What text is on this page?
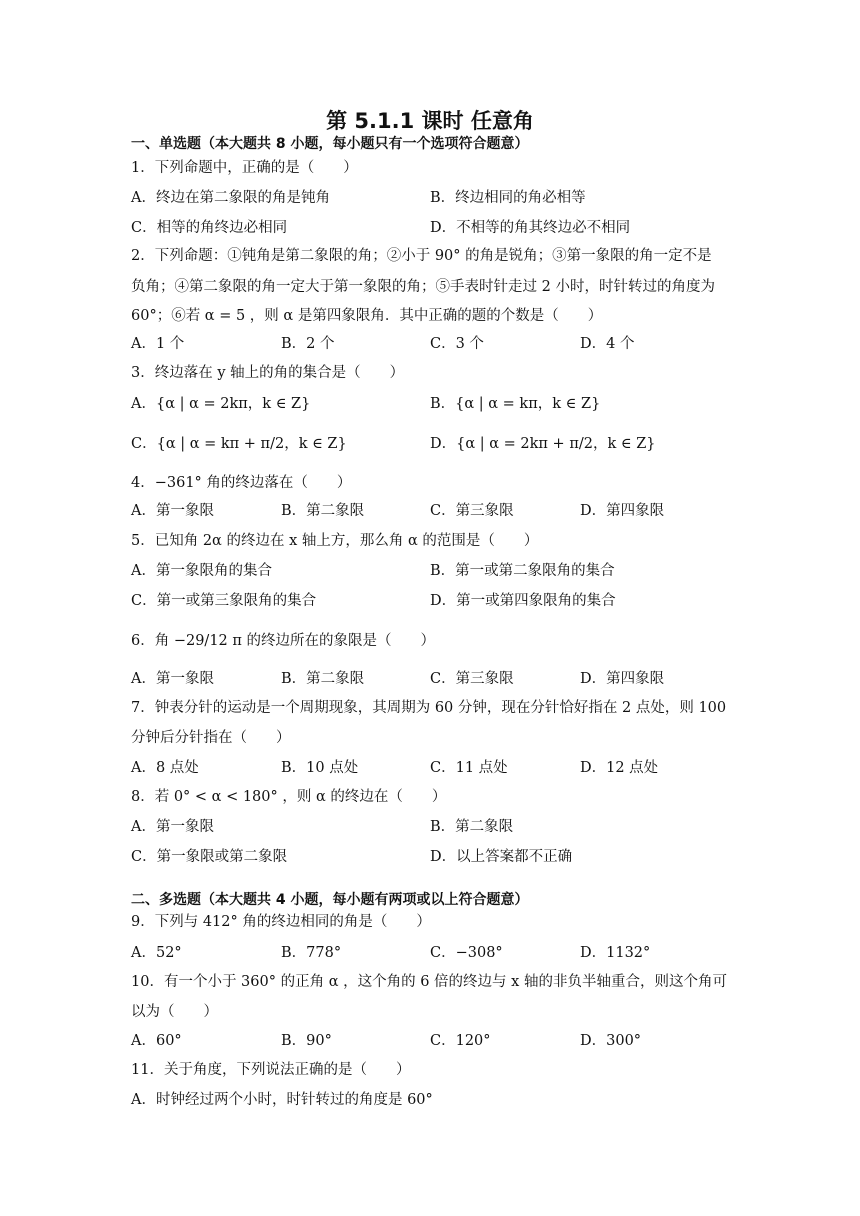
第 5.1.1 课时 任意角
一、单选题（本大题共 8 小题，每小题只有一个选项符合题意）
1．下列命题中，正确的是（　　）
A．终边在第二象限的角是钝角	B．终边相同的角必相等
C．相等的角终边必相同	D．不相等的角其终边必不相同
2．下列命题：①钝角是第二象限的角；②小于 90° 的角是锐角；③第一象限的角一定不是
负角；④第二象限的角一定大于第一象限的角；⑤手表时针走过 2 小时，时针转过的角度为
60°；⑥若 α = 5 ，则 α 是第四象限角．其中正确的题的个数是（　　）
A．1 个	B．2 个	C．3 个	D．4 个
3．终边落在 y 轴上的角的集合是（　　）
A．{α | α = 2kπ，k ∈ Z}	B．{α | α = kπ，k ∈ Z}
C．{α | α = kπ + π/2，k ∈ Z}	D．{α | α = 2kπ + π/2，k ∈ Z}
4．−361° 角的终边落在（　　）
A．第一象限	B．第二象限	C．第三象限	D．第四象限
5．已知角 2α 的终边在 x 轴上方，那么角 α 的范围是（　　）
A．第一象限角的集合	B．第一或第二象限角的集合
C．第一或第三象限角的集合	D．第一或第四象限角的集合
6．角 −29/12 π 的终边所在的象限是（　　）
A．第一象限	B．第二象限	C．第三象限	D．第四象限
7．钟表分针的运动是一个周期现象，其周期为 60 分钟，现在分针恰好指在 2 点处，则 100
分钟后分针指在（　　）
A．8 点处	B．10 点处	C．11 点处	D．12 点处
8．若 0° < α < 180° ，则 α 的终边在（　　）
A．第一象限	B．第二象限
C．第一象限或第二象限	D．以上答案都不正确
9．下列与 412° 角的终边相同的角是（　　）
A．52°	B．778°	C．−308°	D．1132°
10．有一个小于 360° 的正角 α ，这个角的 6 倍的终边与 x 轴的非负半轴重合，则这个角可
以为（　　）
A．60°	B．90°	C．120°	D．300°
11．关于角度，下列说法正确的是（　　）
A．时钟经过两个小时，时针转过的角度是 60°
二、多选题（本大题共 4 小题，每小题有两项或以上符合题意）
